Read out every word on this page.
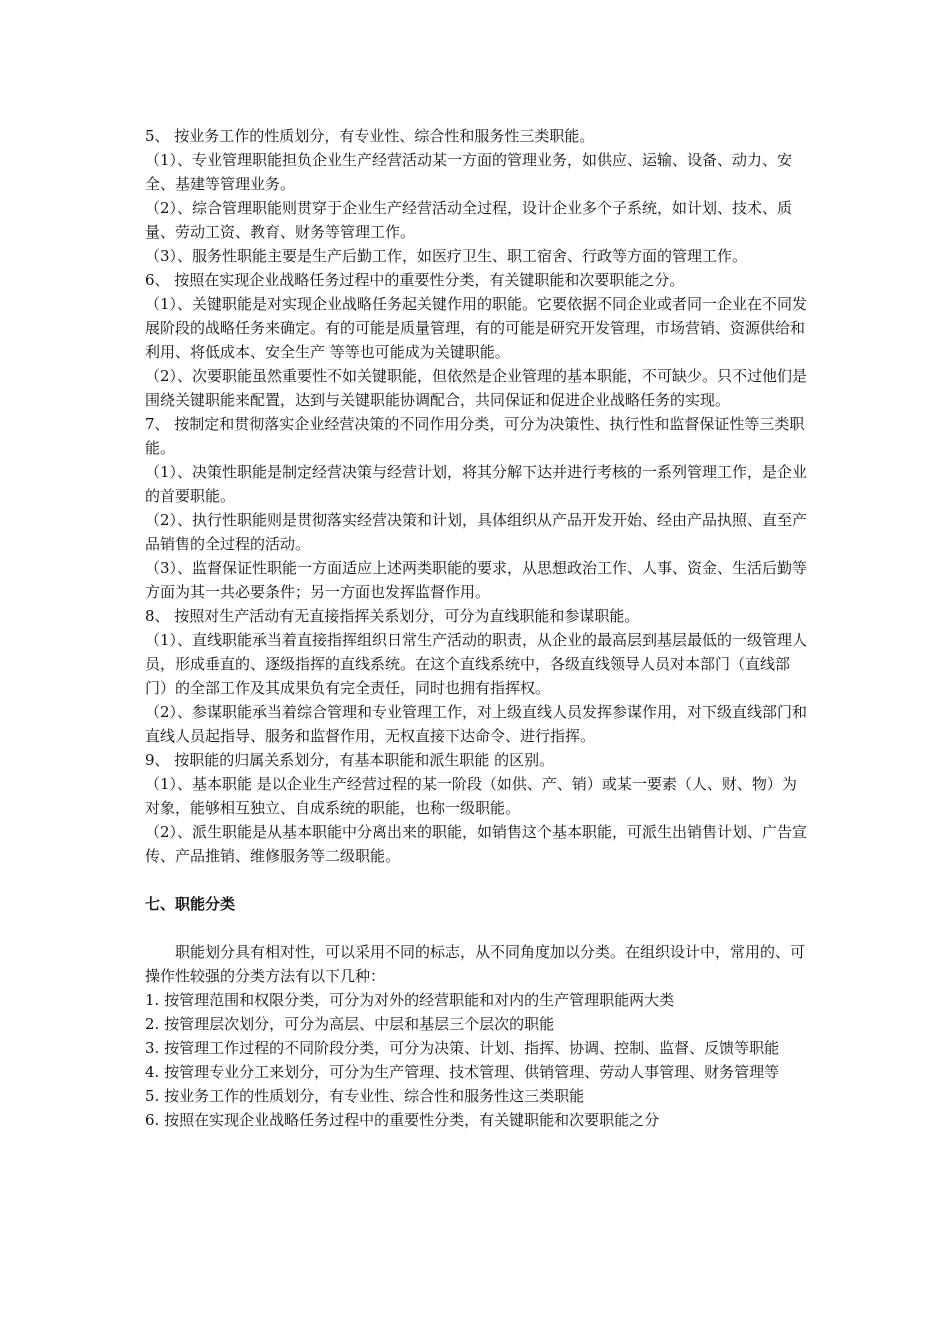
5、 按业务工作的性质划分，有专业性、综合性和服务性三类职能。

（1）、专业管理职能担负企业生产经营活动某一方面的管理业务，如供应、运输、设备、动力、安全、基建等管理业务。

（2）、综合管理职能则贯穿于企业生产经营活动全过程，设计企业多个子系统，如计划、技术、质量、劳动工资、教育、财务等管理工作。

（3）、服务性职能主要是生产后勤工作，如医疗卫生、职工宿舍、行政等方面的管理工作。

6、 按照在实现企业战略任务过程中的重要性分类，有关键职能和次要职能之分。

（1）、关键职能是对实现企业战略任务起关键作用的职能。它要依据不同企业或者同一企业在不同发展阶段的战略任务来确定。有的可能是质量管理，有的可能是研究开发管理，市场营销、资源供给和利用、将低成本、安全生产 等等也可能成为关键职能。

（2）、次要职能虽然重要性不如关键职能，但依然是企业管理的基本职能，不可缺少。只不过他们是围绕关键职能来配置，达到与关键职能协调配合，共同保证和促进企业战略任务的实现。

7、 按制定和贯彻落实企业经营决策的不同作用分类，可分为决策性、执行性和监督保证性等三类职能。

（1）、决策性职能是制定经营决策与经营计划，将其分解下达并进行考核的一系列管理工作，是企业的首要职能。

（2）、执行性职能则是贯彻落实经营决策和计划，具体组织从产品开发开始、经由产品执照、直至产品销售的全过程的活动。

（3）、监督保证性职能一方面适应上述两类职能的要求，从思想政治工作、人事、资金、生活后勤等方面为其一共必要条件；另一方面也发挥监督作用。

8、 按照对生产活动有无直接指挥关系划分，可分为直线职能和参谋职能。

（1）、直线职能承当着直接指挥组织日常生产活动的职责，从企业的最高层到基层最低的一级管理人员，形成垂直的、逐级指挥的直线系统。在这个直线系统中，各级直线领导人员对本部门（直线部门）的全部工作及其成果负有完全责任，同时也拥有指挥权。

（2）、参谋职能承当着综合管理和专业管理工作，对上级直线人员发挥参谋作用，对下级直线部门和直线人员起指导、服务和监督作用，无权直接下达命令、进行指挥。

9、 按职能的归属关系划分，有基本职能和派生职能 的区别。

（1）、基本职能 是以企业生产经营过程的某一阶段（如供、产、销）或某一要素（人、财、物）为对象，能够相互独立、自成系统的职能，也称一级职能。

（2）、派生职能是从基本职能中分离出来的职能，如销售这个基本职能，可派生出销售计划、广告宣传、产品推销、维修服务等二级职能。

七、职能分类

职能划分具有相对性，可以采用不同的标志，从不同角度加以分类。在组织设计中，常用的、可操作性较强的分类方法有以下几种：

1. 按管理范围和权限分类，可分为对外的经营职能和对内的生产管理职能两大类

2. 按管理层次划分，可分为高层、中层和基层三个层次的职能

3. 按管理工作过程的不同阶段分类，可分为决策、计划、指挥、协调、控制、监督、反馈等职能

4. 按管理专业分工来划分，可分为生产管理、技术管理、供销管理、劳动人事管理、财务管理等

5. 按业务工作的性质划分，有专业性、综合性和服务性这三类职能

6. 按照在实现企业战略任务过程中的重要性分类，有关键职能和次要职能之分
